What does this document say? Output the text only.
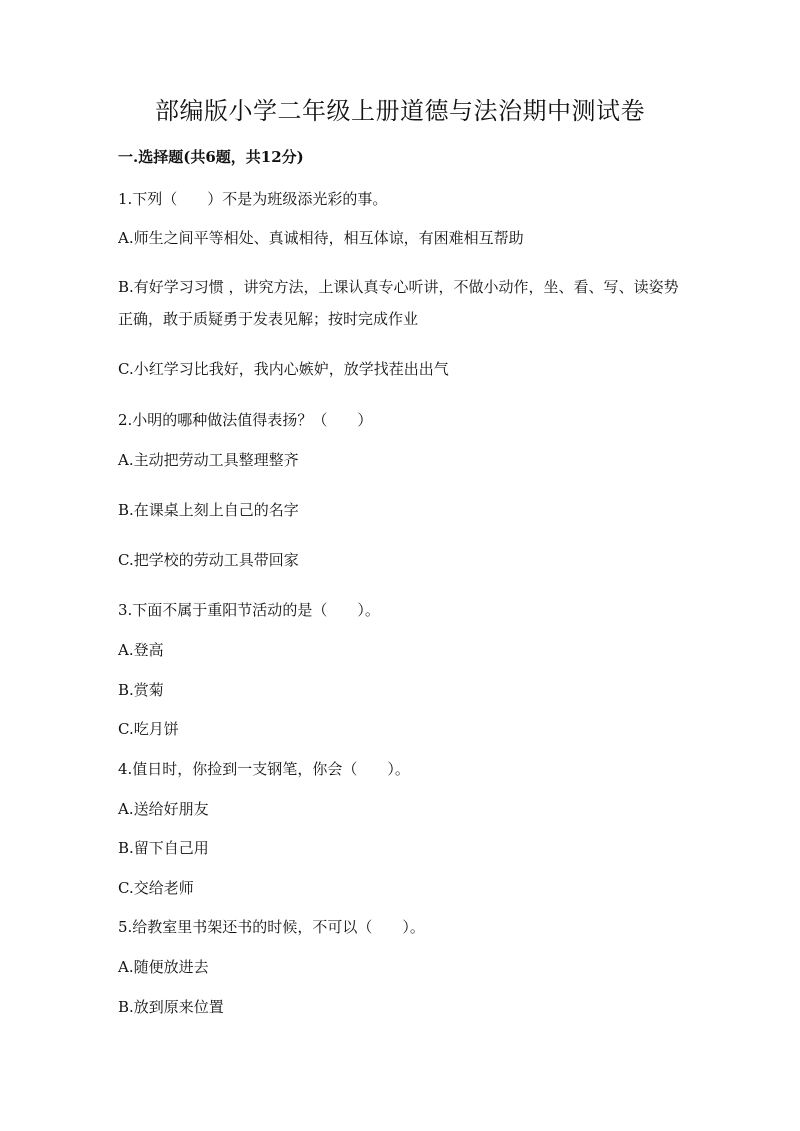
部编版小学二年级上册道德与法治期中测试卷

一.选择题(共6题，共12分)

1.下列（　　）不是为班级添光彩的事。

A.师生之间平等相处、真诚相待，相互体谅，有困难相互帮助

B.有好学习习惯 ，讲究方法，上课认真专心听讲，不做小动作，坐、看、写、读姿势正确，敢于质疑勇于发表见解；按时完成作业

C.小红学习比我好，我内心嫉妒，放学找茬出出气

2.小明的哪种做法值得表扬？（　　）

A.主动把劳动工具整理整齐

B.在课桌上刻上自己的名字

C.把学校的劳动工具带回家

3.下面不属于重阳节活动的是（　　）。

A.登高

B.赏菊

C.吃月饼

4.值日时，你捡到一支钢笔，你会（　　）。

A.送给好朋友

B.留下自己用

C.交给老师

5.给教室里书架还书的时候，不可以（　　）。

A.随便放进去

B.放到原来位置
